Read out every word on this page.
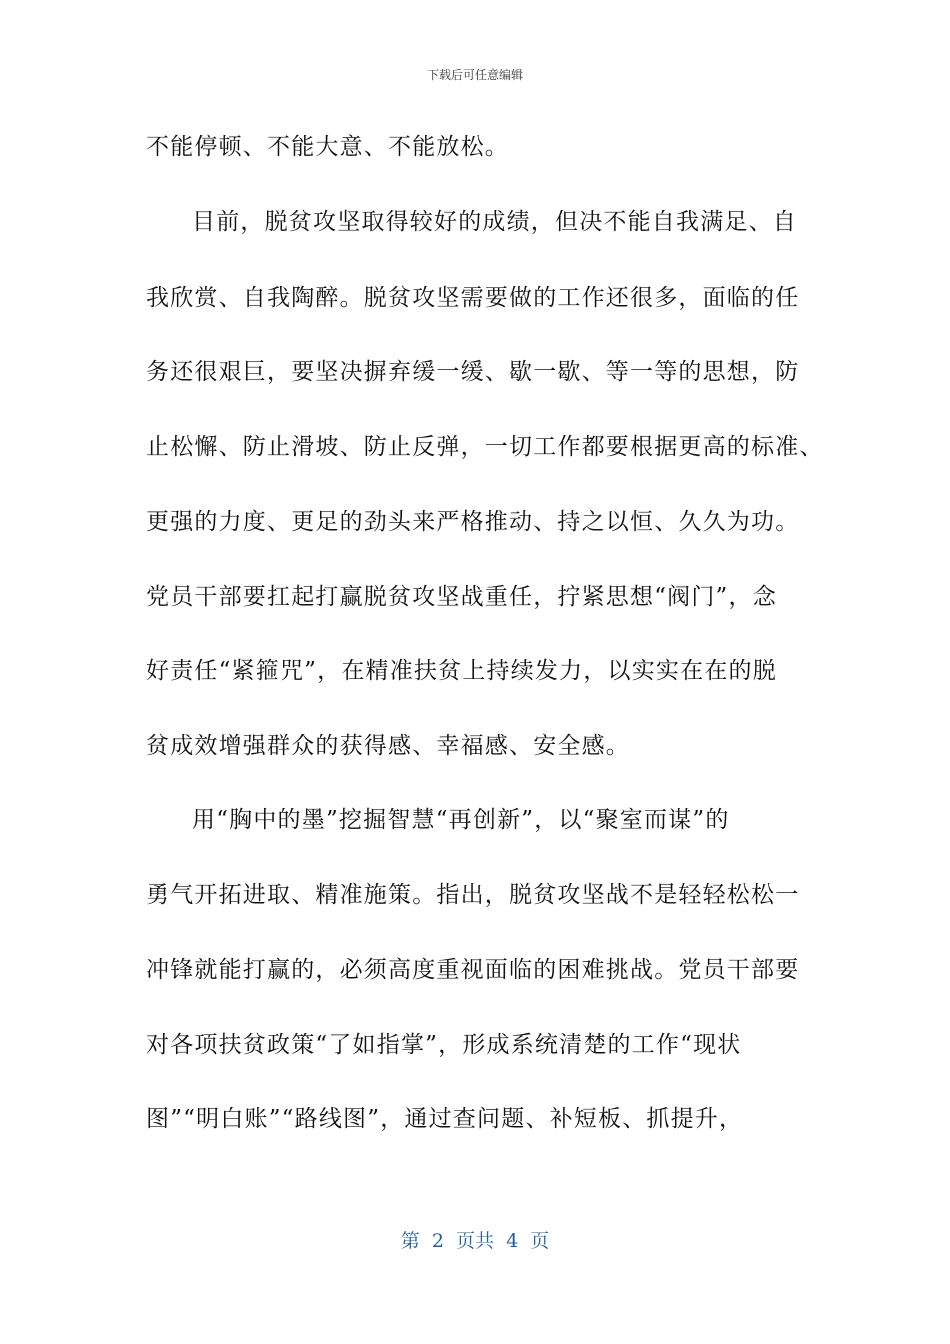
下载后可任意编辑
不能停顿、不能大意、不能放松。
目前，脱贫攻坚取得较好的成绩，但决不能自我满足、自
我欣赏、自我陶醉。脱贫攻坚需要做的工作还很多，面临的任
务还很艰巨，要坚决摒弃缓一缓、歇一歇、等一等的思想，防
止松懈、防止滑坡、防止反弹，一切工作都要根据更高的标准、
更强的力度、更足的劲头来严格推动、持之以恒、久久为功。
党员干部要扛起打赢脱贫攻坚战重任，拧紧思想“阀门”，念
好责任“紧箍咒”，在精准扶贫上持续发力，以实实在在的脱
贫成效增强群众的获得感、幸福感、安全感。
用“胸中的墨”挖掘智慧“再创新”，以“聚室而谋”的
勇气开拓进取、精准施策。指出，脱贫攻坚战不是轻轻松松一
冲锋就能打赢的，必须高度重视面临的困难挑战。党员干部要
对各项扶贫政策“了如指掌”，形成系统清楚的工作“现状
图”“明白账”“路线图”，通过查问题、补短板、抓提升，
第  2  页共  4  页
